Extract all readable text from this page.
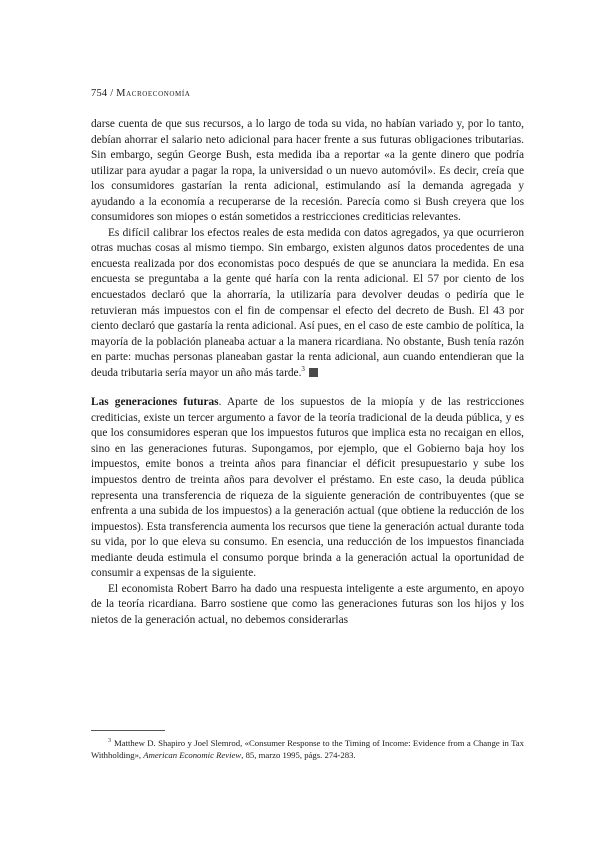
754 / Macroeconomía

darse cuenta de que sus recursos, a lo largo de toda su vida, no habían variado y, por lo tanto, debían ahorrar el salario neto adicional para hacer frente a sus futuras obligaciones tributarias. Sin embargo, según George Bush, esta medida iba a reportar «a la gente dinero que podría utilizar para ayudar a pagar la ropa, la universidad o un nuevo automóvil». Es decir, creía que los consumidores gastarían la renta adicional, estimulando así la demanda agregada y ayudando a la economía a recuperarse de la recesión. Parecía como si Bush creyera que los consumidores son miopes o están sometidos a restricciones crediticias relevantes.

Es difícil calibrar los efectos reales de esta medida con datos agregados, ya que ocurrieron otras muchas cosas al mismo tiempo. Sin embargo, existen algunos datos procedentes de una encuesta realizada por dos economistas poco después de que se anunciara la medida. En esa encuesta se preguntaba a la gente qué haría con la renta adicional. El 57 por ciento de los encuestados declaró que la ahorraría, la utilizaría para devolver deudas o pediría que le retuvieran más impuestos con el fin de compensar el efecto del decreto de Bush. El 43 por ciento declaró que gastaría la renta adicional. Así pues, en el caso de este cambio de política, la mayoría de la población planeaba actuar a la manera ricardiana. No obstante, Bush tenía razón en parte: muchas personas planeaban gastar la renta adicional, aun cuando entendieran que la deuda tributaria sería mayor un año más tarde.$^3$

Las generaciones futuras. Aparte de los supuestos de la miopía y de las restricciones crediticias, existe un tercer argumento a favor de la teoría tradicional de la deuda pública, y es que los consumidores esperan que los impuestos futuros que implica esta no recaigan en ellos, sino en las generaciones futuras. Supongamos, por ejemplo, que el Gobierno baja hoy los impuestos, emite bonos a treinta años para financiar el déficit presupuestario y sube los impuestos dentro de treinta años para devolver el préstamo. En este caso, la deuda pública representa una transferencia de riqueza de la siguiente generación de contribuyentes (que se enfrenta a una subida de los impuestos) a la generación actual (que obtiene la reducción de los impuestos). Esta transferencia aumenta los recursos que tiene la generación actual durante toda su vida, por lo que eleva su consumo. En esencia, una reducción de los impuestos financiada mediante deuda estimula el consumo porque brinda a la generación actual la oportunidad de consumir a expensas de la siguiente.

El economista Robert Barro ha dado una respuesta inteligente a este argumento, en apoyo de la teoría ricardiana. Barro sostiene que como las generaciones futuras son los hijos y los nietos de la generación actual, no debemos considerarlas

$^3$ Matthew D. Shapiro y Joel Slemrod, «Consumer Response to the Timing of Income: Evidence from a Change in Tax Withholding», American Economic Review, 85, marzo 1995, págs. 274-283.
